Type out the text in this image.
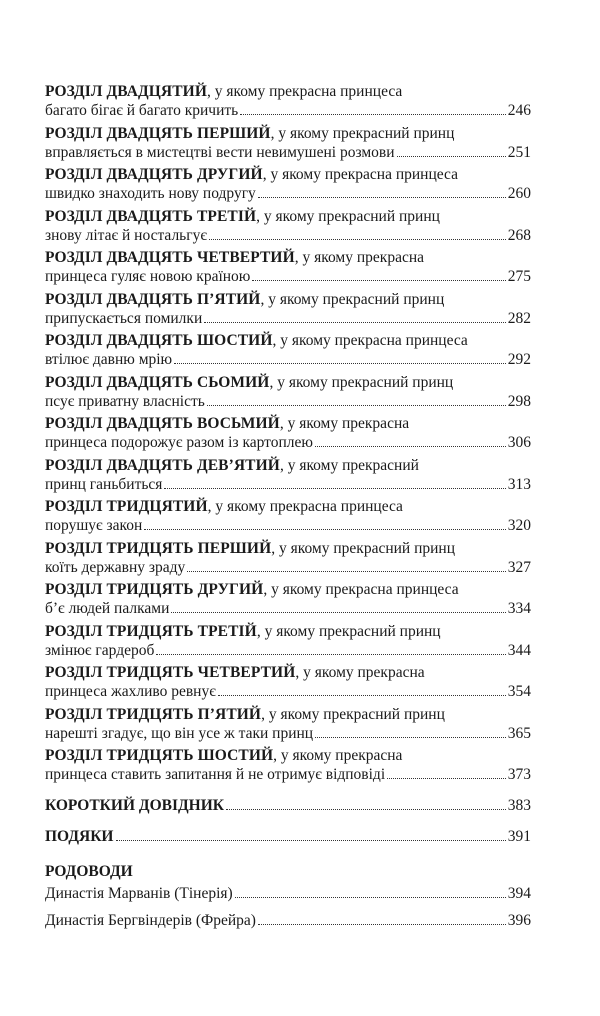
РОЗДІЛ ДВАДЦЯТИЙ, у якому прекрасна принцеса
багато бігає й багато кричить	246
РОЗДІЛ ДВАДЦЯТЬ ПЕРШИЙ, у якому прекрасний принц
вправляється в мистецтві вести невимушені розмови	251
РОЗДІЛ ДВАДЦЯТЬ ДРУГИЙ, у якому прекрасна принцеса
швидко знаходить нову подругу	260
РОЗДІЛ ДВАДЦЯТЬ ТРЕТІЙ, у якому прекрасний принц
знову літає й ностальгує	268
РОЗДІЛ ДВАДЦЯТЬ ЧЕТВЕРТИЙ, у якому прекрасна
принцеса гуляє новою країною	275
РОЗДІЛ ДВАДЦЯТЬ П’ЯТИЙ, у якому прекрасний принц
припускається помилки	282
РОЗДІЛ ДВАДЦЯТЬ ШОСТИЙ, у якому прекрасна принцеса
втілює давню мрію	292
РОЗДІЛ ДВАДЦЯТЬ СЬОМИЙ, у якому прекрасний принц
псує приватну власність	298
РОЗДІЛ ДВАДЦЯТЬ ВОСЬМИЙ, у якому прекрасна
принцеса подорожує разом із картоплею	306
РОЗДІЛ ДВАДЦЯТЬ ДЕВ’ЯТИЙ, у якому прекрасний
принц ганьбиться	313
РОЗДІЛ ТРИДЦЯТИЙ, у якому прекрасна принцеса
порушує закон	320
РОЗДІЛ ТРИДЦЯТЬ ПЕРШИЙ, у якому прекрасний принц
коїть державну зраду	327
РОЗДІЛ ТРИДЦЯТЬ ДРУГИЙ, у якому прекрасна принцеса
б’є людей палками	334
РОЗДІЛ ТРИДЦЯТЬ ТРЕТІЙ, у якому прекрасний принц
змінює гардероб	344
РОЗДІЛ ТРИДЦЯТЬ ЧЕТВЕРТИЙ, у якому прекрасна
принцеса жахливо ревнує	354
РОЗДІЛ ТРИДЦЯТЬ П’ЯТИЙ, у якому прекрасний принц
нарешті згадує, що він усе ж таки принц	365
РОЗДІЛ ТРИДЦЯТЬ ШОСТИЙ, у якому прекрасна
принцеса ставить запитання й не отримує відповіді	373
КОРОТКИЙ ДОВІДНИК	383
ПОДЯКИ	391
РОДОВОДИ
Династія Марванів (Тінерія)	394
Династія Бергвіндерів (Фрейра)	396
